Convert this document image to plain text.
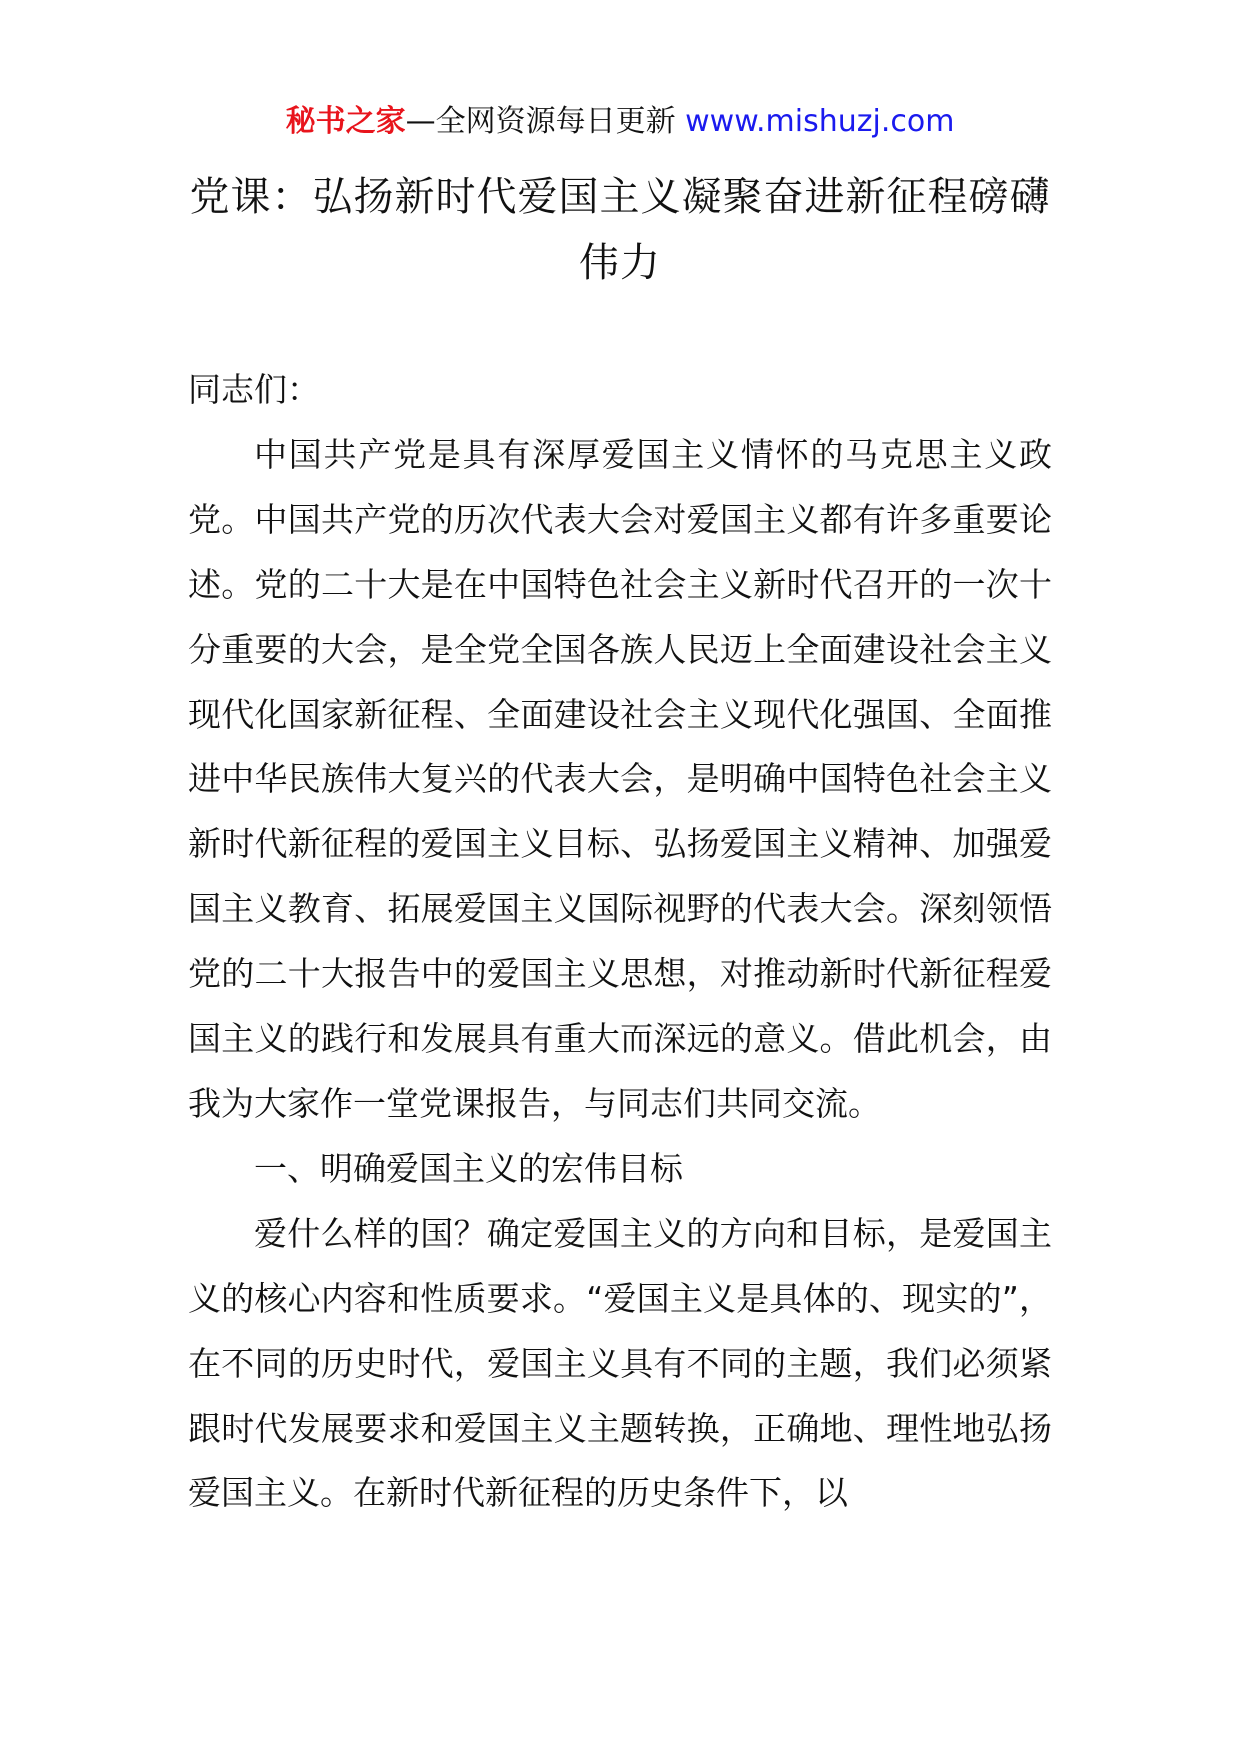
秘书之家—全网资源每日更新 www.mishuzj.com
党课：弘扬新时代爱国主义凝聚奋进新征程磅礴伟力

同志们：

中国共产党是具有深厚爱国主义情怀的马克思主义政党。中国共产党的历次代表大会对爱国主义都有许多重要论述。党的二十大是在中国特色社会主义新时代召开的一次十分重要的大会，是全党全国各族人民迈上全面建设社会主义现代化国家新征程、全面建设社会主义现代化强国、全面推进中华民族伟大复兴的代表大会，是明确中国特色社会主义新时代新征程的爱国主义目标、弘扬爱国主义精神、加强爱国主义教育、拓展爱国主义国际视野的代表大会。深刻领悟党的二十大报告中的爱国主义思想，对推动新时代新征程爱国主义的践行和发展具有重大而深远的意义。借此机会，由我为大家作一堂党课报告，与同志们共同交流。

一、明确爱国主义的宏伟目标

爱什么样的国？确定爱国主义的方向和目标，是爱国主义的核心内容和性质要求。“爱国主义是具体的、现实的”，在不同的历史时代，爱国主义具有不同的主题，我们必须紧跟时代发展要求和爱国主义主题转换，正确地、理性地弘扬爱国主义。在新时代新征程的历史条件下，以
